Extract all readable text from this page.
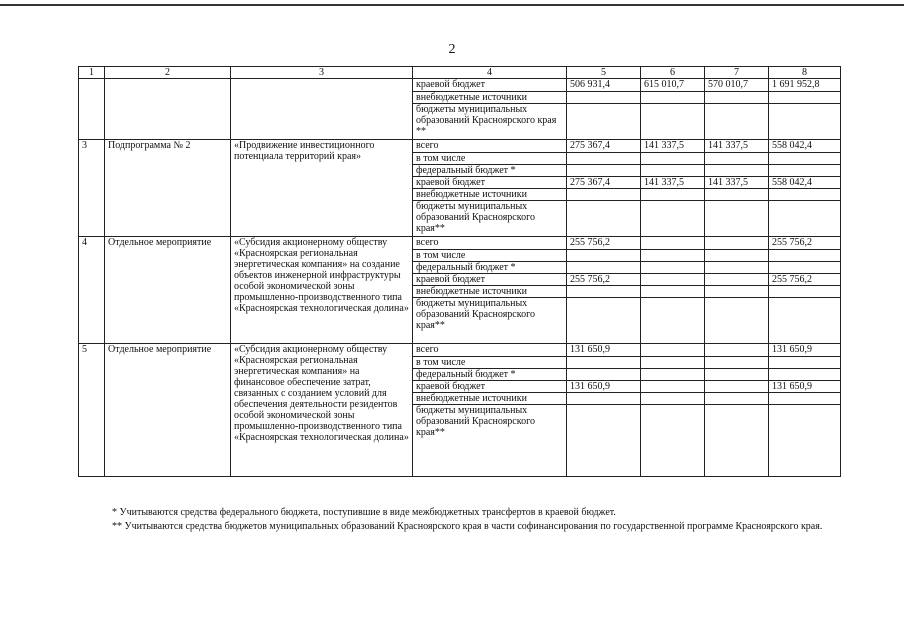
2
1	2	3	4	5	6	7	8
			краевой бюджет	506 931,4	615 010,7	570 010,7	1 691 952,8
			внебюджетные источники				
			бюджеты муниципальных образований Красноярского края **				
3	Подпрограмма № 2	«Продвижение инвестиционного потенциала территорий края»	всего	275 367,4	141 337,5	141 337,5	558 042,4
			в том числе				
			федеральный бюджет *				
			краевой бюджет	275 367,4	141 337,5	141 337,5	558 042,4
			внебюджетные источники				
			бюджеты муниципальных образований Красноярского края**				
4	Отдельное мероприятие	«Субсидия акционерному обществу «Красноярская региональная энергетическая компания» на создание объектов инженерной инфраструктуры особой экономической зоны промышленно-производственного типа «Красноярская технологическая долина»	всего	255 756,2			255 756,2
			в том числе				
			федеральный бюджет *				
			краевой бюджет	255 756,2			255 756,2
			внебюджетные источники				
			бюджеты муниципальных образований Красноярского края**				
5	Отдельное мероприятие	«Субсидия акционерному обществу «Красноярская региональная энергетическая компания» на финансовое обеспечение затрат, связанных с созданием условий для обеспечения деятельности резидентов особой экономической зоны промышленно-производственного типа «Красноярская технологическая долина»	всего	131 650,9			131 650,9
			в том числе				
			федеральный бюджет *				
			краевой бюджет	131 650,9			131 650,9
			внебюджетные источники				
			бюджеты муниципальных образований Красноярского края**				
* Учитываются средства федерального бюджета, поступившие в виде межбюджетных трансфертов в краевой бюджет.
** Учитываются средства бюджетов муниципальных образований Красноярского края в части софинансирования по государственной программе Красноярского края.
